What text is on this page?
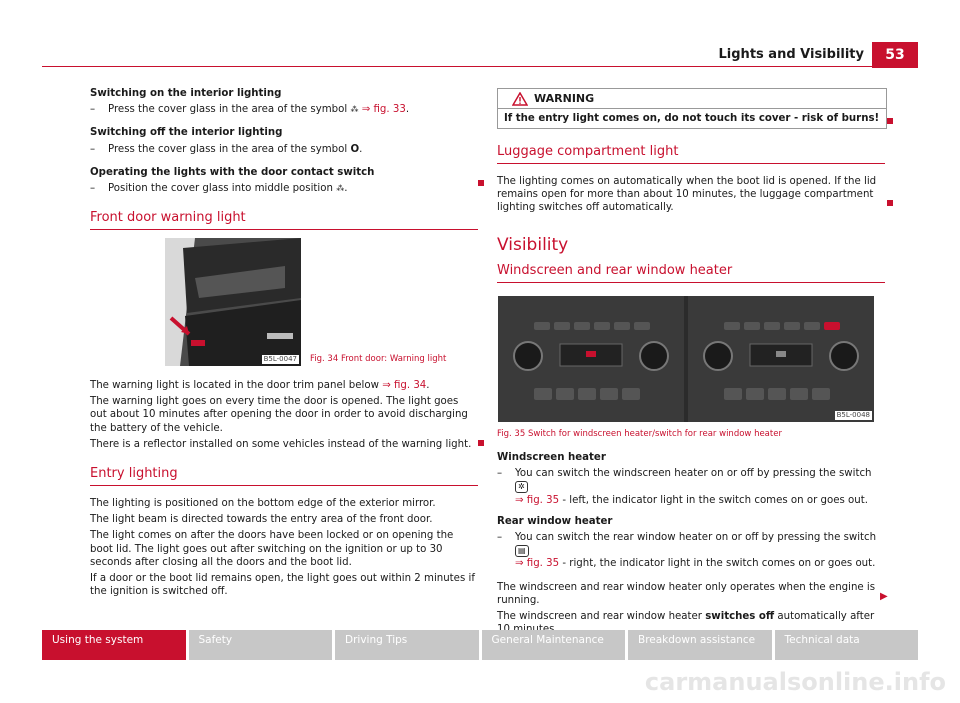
Lights and Visibility	53

Switching on the interior lighting

–	Press the cover glass in the area of the symbol ⁂ ⇒ fig. 33.

Switching off the interior lighting

–	Press the cover glass in the area of the symbol O.

Operating the lights with the door contact switch

–	Position the cover glass into middle position ⁂.
Front door warning light
B5L-0047 Fig. 34 Front door: Warning light

The warning light is located in the door trim panel below ⇒ fig. 34.

The warning light goes on every time the door is opened. The light goes out about 10 minutes after opening the door in order to avoid discharging the battery of the vehicle.

There is a reflector installed on some vehicles instead of the warning light.

Entry lighting

The lighting is positioned on the bottom edge of the exterior mirror.

The light beam is directed towards the entry area of the front door.

The light comes on after the doors have been locked or on opening the boot lid. The light goes out after switching on the ignition or up to 30 seconds after closing all the doors and the boot lid.

If a door or the boot lid remains open, the light goes out within 2 minutes if the ignition is switched off.

WARNING
If the entry light comes on, do not touch its cover - risk of burns!
Luggage compartment light

The lighting comes on automatically when the boot lid is opened. If the lid remains open for more than about 10 minutes, the luggage compartment lighting switches off automatically.

Visibility
Windscreen and rear window heater
B5L-0048
Fig. 35 Switch for windscreen heater/switch for rear window heater

Windscreen heater

–	You can switch the windscreen heater on or off by pressing the switch ✲
⇒ fig. 35 - left, the indicator light in the switch comes on or goes out.

Rear window heater

–	You can switch the rear window heater on or off by pressing the switch ▤
⇒ fig. 35 - right, the indicator light in the switch comes on or goes out.

The windscreen and rear window heater only operates when the engine is running.

The windscreen and rear window heater switches off automatically after

▶
Using the system	Safety	Driving Tips	General Maintenance	Breakdown assistance	Technical data
carmanualsonline.info
